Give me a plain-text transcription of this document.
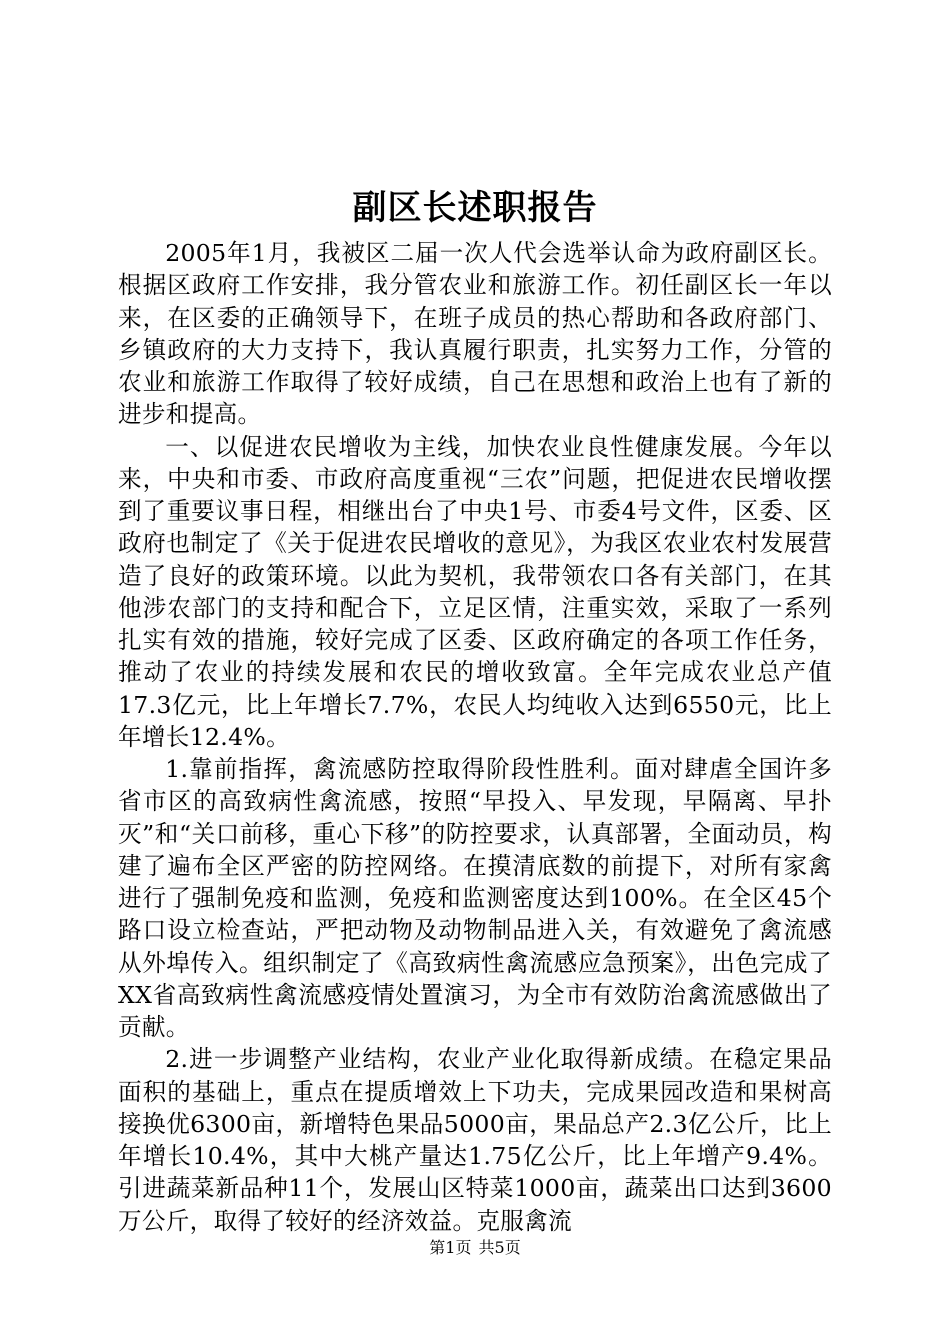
副区长述职报告

2005年1月，我被区二届一次人代会选举认命为政府副区长。根据区政府工作安排，我分管农业和旅游工作。初任副区长一年以来，在区委的正确领导下，在班子成员的热心帮助和各政府部门、乡镇政府的大力支持下，我认真履行职责，扎实努力工作，分管的农业和旅游工作取得了较好成绩，自己在思想和政治上也有了新的进步和提高。

一、以促进农民增收为主线，加快农业良性健康发展。今年以来，中央和市委、市政府高度重视“三农”问题，把促进农民增收摆到了重要议事日程，相继出台了中央1号、市委4号文件，区委、区政府也制定了《关于促进农民增收的意见》，为我区农业农村发展营造了良好的政策环境。以此为契机，我带领农口各有关部门，在其他涉农部门的支持和配合下，立足区情，注重实效，采取了一系列扎实有效的措施，较好完成了区委、区政府确定的各项工作任务，推动了农业的持续发展和农民的增收致富。全年完成农业总产值17.3亿元，比上年增长7.7%，农民人均纯收入达到6550元，比上年增长12.4%。

1.靠前指挥，禽流感防控取得阶段性胜利。面对肆虐全国许多省市区的高致病性禽流感，按照“早投入、早发现，早隔离、早扑灭”和“关口前移，重心下移”的防控要求，认真部署，全面动员，构建了遍布全区严密的防控网络。在摸清底数的前提下，对所有家禽进行了强制免疫和监测，免疫和监测密度达到100%。在全区45个路口设立检查站，严把动物及动物制品进入关，有效避免了禽流感从外埠传入。组织制定了《高致病性禽流感应急预案》，出色完成了XX省高致病性禽流感疫情处置演习，为全市有效防治禽流感做出了贡献。

2.进一步调整产业结构，农业产业化取得新成绩。在稳定果品面积的基础上，重点在提质增效上下功夫，完成果园改造和果树高接换优6300亩，新增特色果品5000亩，果品总产2.3亿公斤，比上年增长10.4%，其中大桃产量达1.75亿公斤，比上年增产9.4%。引进蔬菜新品种11个，发展山区特菜1000亩，蔬菜出口达到3600万公斤，取得了较好的经济效益。克服禽流

第1页 共5页
